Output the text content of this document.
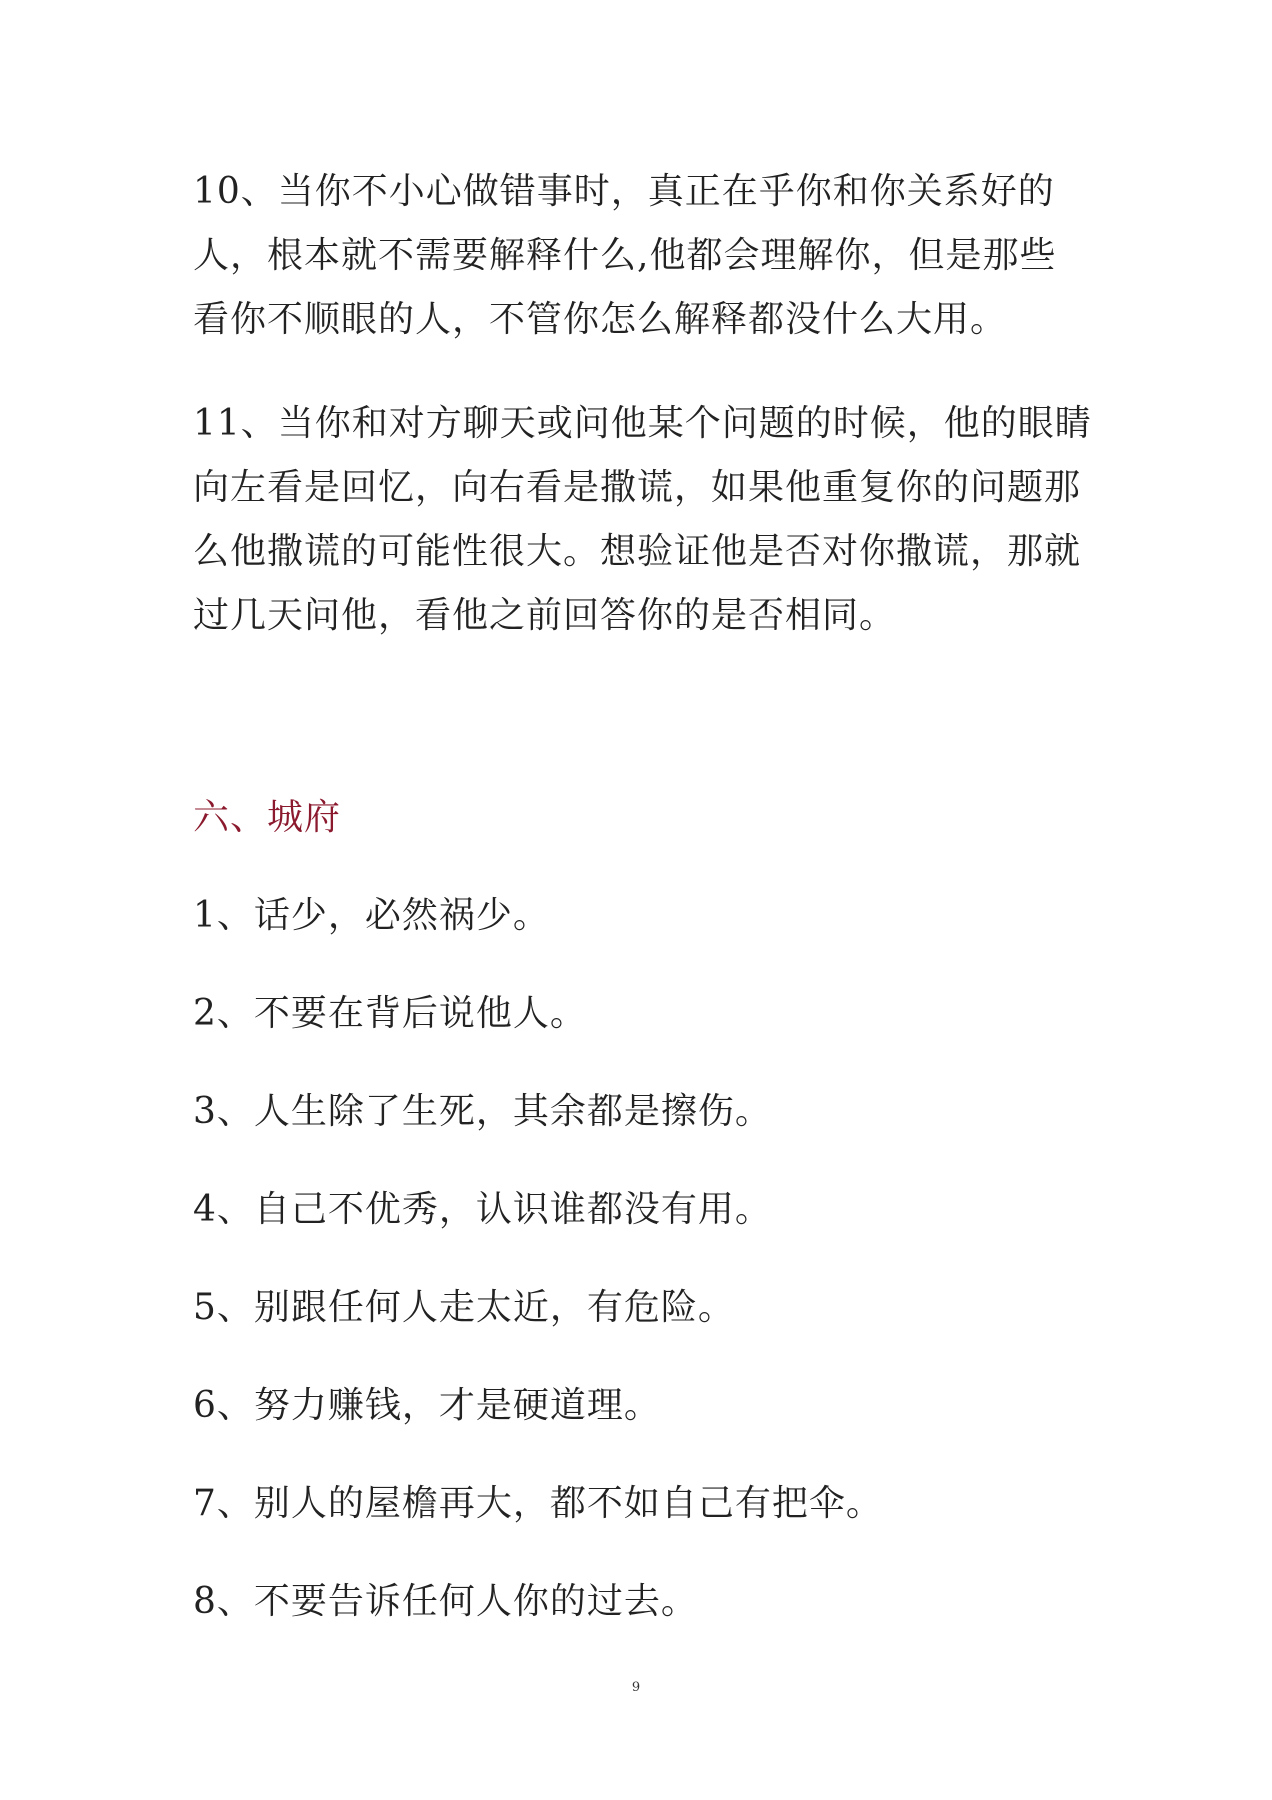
10、当你不小心做错事时，真正在乎你和你关系好的人，根本就不需要解释什么,他都会理解你，但是那些看你不顺眼的人，不管你怎么解释都没什么大用。

11、当你和对方聊天或问他某个问题的时候，他的眼睛向左看是回忆，向右看是撒谎，如果他重复你的问题那么他撒谎的可能性很大。想验证他是否对你撒谎，那就过几天问他，看他之前回答你的是否相同。

六、城府
1、话少，必然祸少。
2、不要在背后说他人。
3、人生除了生死，其余都是擦伤。
4、自己不优秀，认识谁都没有用。
5、别跟任何人走太近，有危险。
6、努力赚钱，才是硬道理。
7、别人的屋檐再大，都不如自己有把伞。
8、不要告诉任何人你的过去。
9
